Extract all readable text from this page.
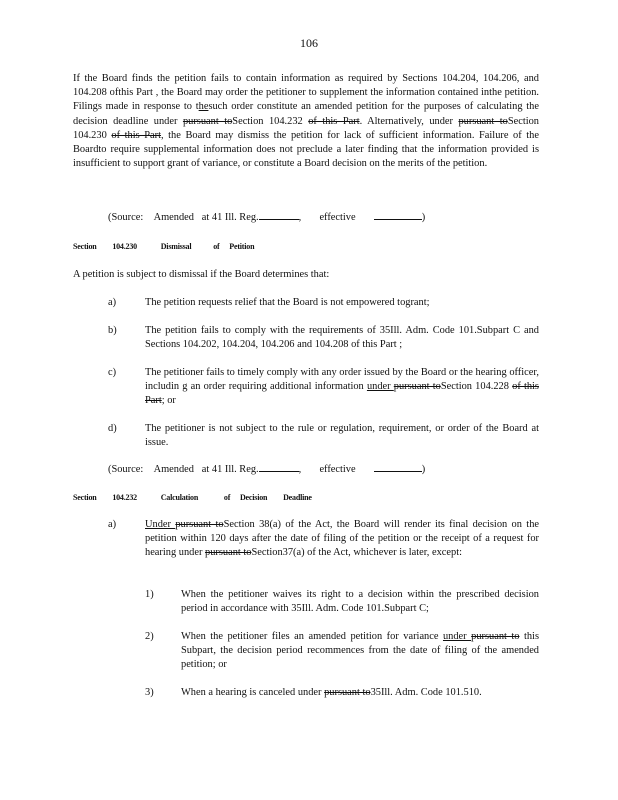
106

If the Board finds the petition fails to contain information as required by Sections 104.204, 104.206, and 104.208 ofthis Part , the Board may order the petitioner to supplement the information contained inthe petition. Filings made in response to thesuch order constitute an amended petition for the purposes of calculating the decision deadline under pursuant toSection 104.232 of this Part. Alternatively, under pursuant toSection 104.230 of this Part, the Board may dismiss the petition for lack of sufficient information. Failure of the Boardto require supplemental information does not preclude a later finding that the information provided is insufficient to support grant of variance, or constitute a Board decision on the merits of the petition.

(Source: Amended at 41 Ill. Reg.	,       effective	)
Section 104.230	Dismissal	of Petition
A petition is subject to dismissal if the Board determines that:
a)	The petition requests relief that the Board is not empowered togrant;
b)	The petition fails to comply with the requirements of 35Ill. Adm. Code 101.Subpart C and Sections 104.202, 104.204, 104.206 and 104.208 of this Part ;
c)	The petitioner fails to timely comply with any order issued by the Board or the hearing officer, includin g an order requiring additional information under pursuant toSection 104.228 of this Part; or
d)	The petitioner is not subject to the rule or regulation, requirement, or order of the Board at issue.
(Source: Amended at 41 Ill. Reg.	,       effective	)
Section 104.232	Calculation	of Decision Deadline
a)	Under pursuant toSection 38(a) of the Act, the Board will render its final decision on the petition within 120 days after the date of filing of the petition or the receipt of a request for hearing under pursuant toSection37(a) of the Act, whichever is later, except:
1)	When the petitioner waives its right to a decision within the prescribed decision period in accordance with 35Ill. Adm. Code 101.Subpart C;
2)	When the petitioner files an amended petition for variance under pursuant to this Subpart, the decision period recommences from the date of filing of the amended petition; or
3)	When a hearing is canceled under pursuant to35Ill. Adm. Code 101.510.
